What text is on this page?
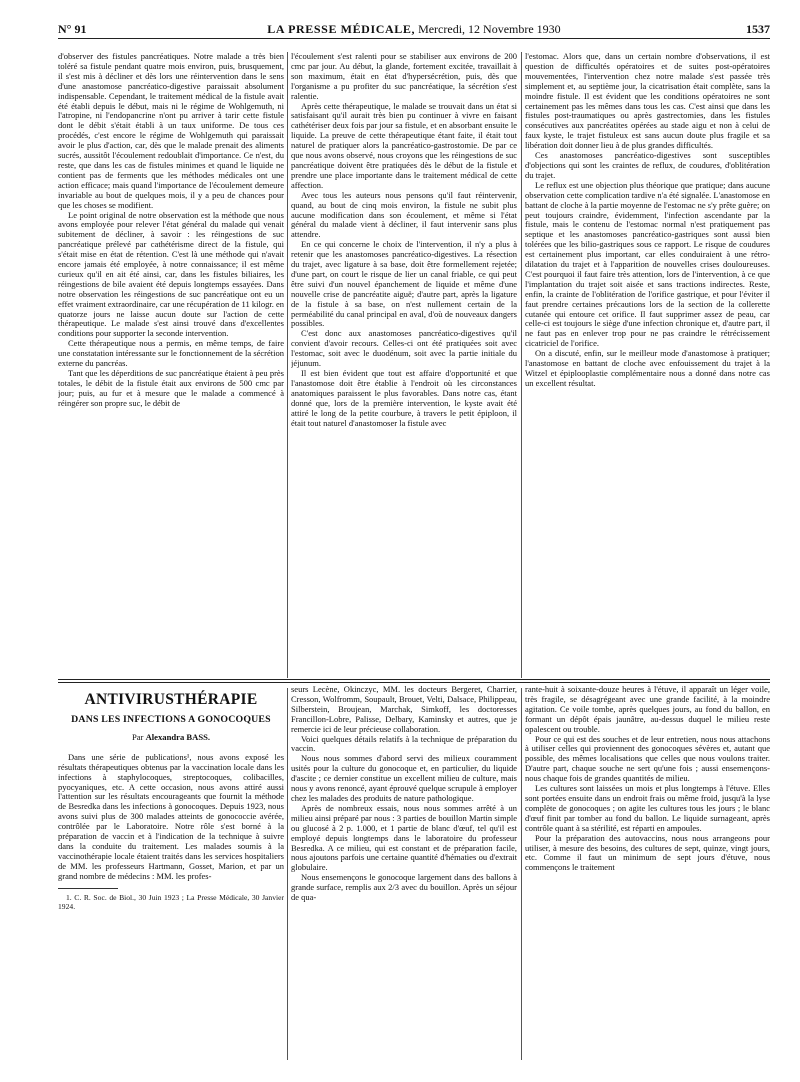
N° 91	LA PRESSE MÉDICALE, Mercredi, 12 Novembre 1930	1537

d'observer des fistules pancréatiques. Notre malade a très bien toléré sa fistule pendant quatre mois environ, puis, brusquement, il s'est mis à décliner et dès lors une réintervention dans le sens d'une anastomose pancréatico-digestive paraissait absolument indispensable. Cependant, le traitement médical de la fistule avait été établi depuis le début, mais ni le régime de Wohlgemuth, ni l'atropine, ni l'endopancrine n'ont pu arriver à tarir cette fistule dont le débit s'était établi à un taux uniforme. De tous ces procédés, c'est encore le régime de Wohlgemuth qui paraissait avoir le plus d'action, car, dès que le malade prenait des aliments sucrés, aussitôt l'écoulement redoublait d'importance. Ce n'est, du reste, que dans les cas de fistules minimes et quand le liquide ne contient pas de ferments que les méthodes médicales ont une action efficace; mais quand l'importance de l'écoulement demeure invariable au bout de quelques mois, il y a peu de chances pour que les choses se modifient.

Le point original de notre observation est la méthode que nous avons employée pour relever l'état général du malade qui venait subitement de décliner, à savoir : les réingestions de suc pancréatique prélevé par cathétérisme direct de la fistule, qui s'était mise en état de rétention. C'est là une méthode qui n'avait encore jamais été employée, à notre connaissance; il est même curieux qu'il en ait été ainsi, car, dans les fistules biliaires, les réingestions de bile avaient été depuis longtemps essayées. Dans notre observation les réingestions de suc pancréatique ont eu un effet vraiment extraordinaire, car une récupération de 11 kilogr. en quatorze jours ne laisse aucun doute sur l'action de cette thérapeutique. Le malade s'est ainsi trouvé dans d'excellentes conditions pour supporter la seconde intervention.

Cette thérapeutique nous a permis, en même temps, de faire une constatation intéressante sur le fonctionnement de la sécrétion externe du pancréas.

Tant que les déperditions de suc pancréatique étaient à peu près totales, le débit de la fistule était aux environs de 500 cmc par jour; puis, au fur et à mesure que le malade a commencé à réingérer son propre suc, le débit de

l'écoulement s'est ralenti pour se stabiliser aux environs de 200 cmc par jour. Au début, la glande, fortement excitée, travaillait à son maximum, était en état d'hypersécrétion, puis, dès que l'organisme a pu profiter du suc pancréatique, la sécrétion s'est ralentie.

Après cette thérapeutique, le malade se trouvait dans un état si satisfaisant qu'il aurait très bien pu continuer à vivre en faisant cathétériser deux fois par jour sa fistule, et en absorbant ensuite le liquide. La preuve de cette thérapeutique étant faite, il était tout naturel de pratiquer alors la pancréatico-gastrostomie. De par ce que nous avons observé, nous croyons que les réingestions de suc pancréatique doivent être pratiquées dès le début de la fistule et prendre une place importante dans le traitement médical de cette affection.

Avec tous les auteurs nous pensons qu'il faut réintervenir, quand, au bout de cinq mois environ, la fistule ne subit plus aucune modification dans son écoulement, et même si l'état général du malade vient à décliner, il faut intervenir sans plus attendre.

En ce qui concerne le choix de l'intervention, il n'y a plus à retenir que les anastomoses pancréatico-digestives. La résection du trajet, avec ligature à sa base, doit être formellement rejetée; d'une part, on court le risque de lier un canal friable, ce qui peut être suivi d'un nouvel épanchement de liquide et même d'une nouvelle crise de pancréatite aiguë; d'autre part, après la ligature de la fistule à sa base, on n'est nullement certain de la perméabilité du canal principal en aval, d'où de nouveaux dangers possibles.

C'est donc aux anastomoses pancréatico-digestives qu'il convient d'avoir recours. Celles-ci ont été pratiquées soit avec l'estomac, soit avec le duodénum, soit avec la partie initiale du jéjunum.

Il est bien évident que tout est affaire d'opportunité et que l'anastomose doit être établie à l'endroit où les circonstances anatomiques paraissent le plus favorables. Dans notre cas, étant donné que, lors de la première intervention, le kyste avait été attiré le long de la petite courbure, à travers le petit épiploon, il était tout naturel d'anastomoser la fistule avec

l'estomac. Alors que, dans un certain nombre d'observations, il est question de difficultés opératoires et de suites post-opératoires mouvementées, l'intervention chez notre malade s'est passée très simplement et, au septième jour, la cicatrisation était complète, sans la moindre fistule. Il est évident que les conditions opératoires ne sont certainement pas les mêmes dans tous les cas. C'est ainsi que dans les fistules post-traumatiques ou après gastrectomies, dans les fistules consécutives aux pancréatites opérées au stade aigu et non à celui de faux kyste, le trajet fistuleux est sans aucun doute plus fragile et sa libération doit donner lieu à de plus grandes difficultés.

Ces anastomoses pancréatico-digestives sont susceptibles d'objections qui sont les craintes de reflux, de coudures, d'oblitération du trajet.

Le reflux est une objection plus théorique que pratique; dans aucune observation cette complication tardive n'a été signalée. L'anastomose en battant de cloche à la partie moyenne de l'estomac ne s'y prête guère; on peut toujours craindre, évidemment, l'infection ascendante par la fistule, mais le contenu de l'estomac normal n'est pratiquement pas septique et les anastomoses pancréatico-gastriques sont aussi bien tolérées que les bilio-gastriques sous ce rapport. Le risque de coudures est certainement plus important, car elles conduiraient à une rétro-dilatation du trajet et à l'apparition de nouvelles crises douloureuses. C'est pourquoi il faut faire très attention, lors de l'intervention, à ce que l'implantation du trajet soit aisée et sans tractions indirectes. Reste, enfin, la crainte de l'oblitération de l'orifice gastrique, et pour l'éviter il faut prendre certaines précautions lors de la section de la collerette cutanée qui entoure cet orifice. Il faut supprimer assez de peau, car celle-ci est toujours le siège d'une infection chronique et, d'autre part, il ne faut pas en enlever trop pour ne pas craindre le rétrécissement cicatriciel de l'orifice.

On a discuté, enfin, sur le meilleur mode d'anastomose à pratiquer; l'anastomose en battant de cloche avec enfouissement du trajet à la Witzel et épiplooplastie complémentaire nous a donné dans notre cas un excellent résultat.

ANTIVIRUSTHÉRAPIE
DANS LES INFECTIONS A GONOCOQUES
Par Alexandra BASS.

Dans une série de publications¹, nous avons exposé les résultats thérapeutiques obtenus par la vaccination locale dans les infections à staphylocoques, streptocoques, colibacilles, pyocyaniques, etc. A cette occasion, nous avons attiré aussi l'attention sur les résultats encourageants que fournit la méthode de Besredka dans les infections à gonocoques. Depuis 1923, nous avons suivi plus de 300 malades atteints de gonococcie avérée, contrôlée par le Laboratoire. Notre rôle s'est borné à la préparation de vaccin et à l'indication de la technique à suivre dans la conduite du traitement. Les malades soumis à la vaccinothérapie locale étaient traités dans les services hospitaliers de MM. les professeurs Hartmann, Gosset, Marion, et par un grand nombre de médecins : MM. les profes-

1. C. R. Soc. de Biol., 30 Juin 1923 ; La Presse Médicale, 30 Janvier 1924.

seurs Lecène, Okinczyc, MM. les docteurs Bergeret, Charrier, Cresson, Wolfromm, Soupault, Brouet, Velti, Dalsace, Philippeau, Silberstein, Broujean, Marchak, Simkoff, les doctoresses Francillon-Lobre, Palisse, Delbary, Kaminsky et autres, que je remercie ici de leur précieuse collaboration.

Voici quelques détails relatifs à la technique de préparation du vaccin.

Nous nous sommes d'abord servi des milieux couramment usités pour la culture du gonocoque et, en particulier, du liquide d'ascite ; ce dernier constitue un excellent milieu de culture, mais nous y avons renoncé, ayant éprouvé quelque scrupule à employer chez les malades des produits de nature pathologique.

Après de nombreux essais, nous nous sommes arrêté à un milieu ainsi préparé par nous : 3 parties de bouillon Martin simple ou glucosé à 2 p. 1.000, et 1 partie de blanc d'œuf, tel qu'il est employé depuis longtemps dans le laboratoire du professeur Besredka. A ce milieu, qui est constant et de préparation facile, nous ajoutons parfois une certaine quantité d'hématies ou d'extrait globulaire.

Nous ensemençons le gonocoque largement dans des ballons à grande surface, remplis aux 2/3 avec du bouillon. Après un séjour de qua-

rante-huit à soixante-douze heures à l'étuve, il apparaît un léger voile, très fragile, se désagrégeant avec une grande facilité, à la moindre agitation. Ce voile tombe, après quelques jours, au fond du ballon, en formant un dépôt épais jaunâtre, au-dessus duquel le milieu reste opalescent ou trouble.

Pour ce qui est des souches et de leur entretien, nous nous attachons à utiliser celles qui proviennent des gonocoques sévères et, autant que possible, des mêmes localisations que celles que nous voulons traiter. D'autre part, chaque souche ne sert qu'une fois ; aussi ensemençons-nous chaque fois de grandes quantités de milieu.

Les cultures sont laissées un mois et plus longtemps à l'étuve. Elles sont portées ensuite dans un endroit frais ou même froid, jusqu'à la lyse complète de gonocoques ; on agite les cultures tous les jours ; le blanc d'œuf finit par tomber au fond du ballon. Le liquide surnageant, après contrôle quant à sa stérilité, est réparti en ampoules.

Pour la préparation des autovaccins, nous nous arrangeons pour utiliser, à mesure des besoins, des cultures de sept, quinze, vingt jours, etc. Comme il faut un minimum de sept jours d'étuve, nous commençons le traitement
